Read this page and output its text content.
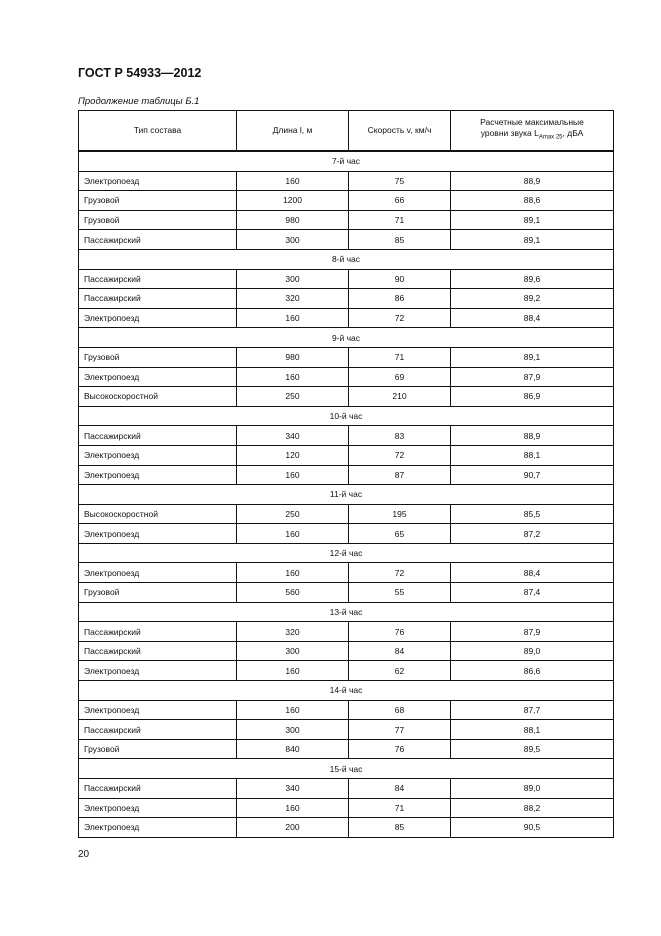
ГОСТ Р 54933—2012
Продолжение таблицы Б.1
Тип состава	Длина l, м	Скорость v, км/ч	Расчетные максимальные
уровни звука $L_{Amax 25}$, дБА
7-й час			
Электропоезд	160	75	88,9
Грузовой	1200	66	88,6
Грузовой	980	71	89,1
Пассажирский	300	85	89,1
8-й час			
Пассажирский	300	90	89,6
Пассажирский	320	86	89,2
Электропоезд	160	72	88,4
9-й час			
Грузовой	980	71	89,1
Электропоезд	160	69	87,9
Высокоскоростной	250	210	86,9
10-й час			
Пассажирский	340	83	88,9
Электропоезд	120	72	88,1
Электропоезд	160	87	90,7
11-й час			
Высокоскоростной	250	195	85,5
Электропоезд	160	65	87,2
12-й час			
Электропоезд	160	72	88,4
Грузовой	560	55	87,4
13-й час			
Пассажирский	320	76	87,9
Пассажирский	300	84	89,0
Электропоезд	160	62	86,6
14-й час			
Электропоезд	160	68	87,7
Пассажирский	300	77	88,1
Грузовой	840	76	89,5
15-й час			
Пассажирский	340	84	89,0
Электропоезд	160	71	88,2
Электропоезд	200	85	90,5
20
